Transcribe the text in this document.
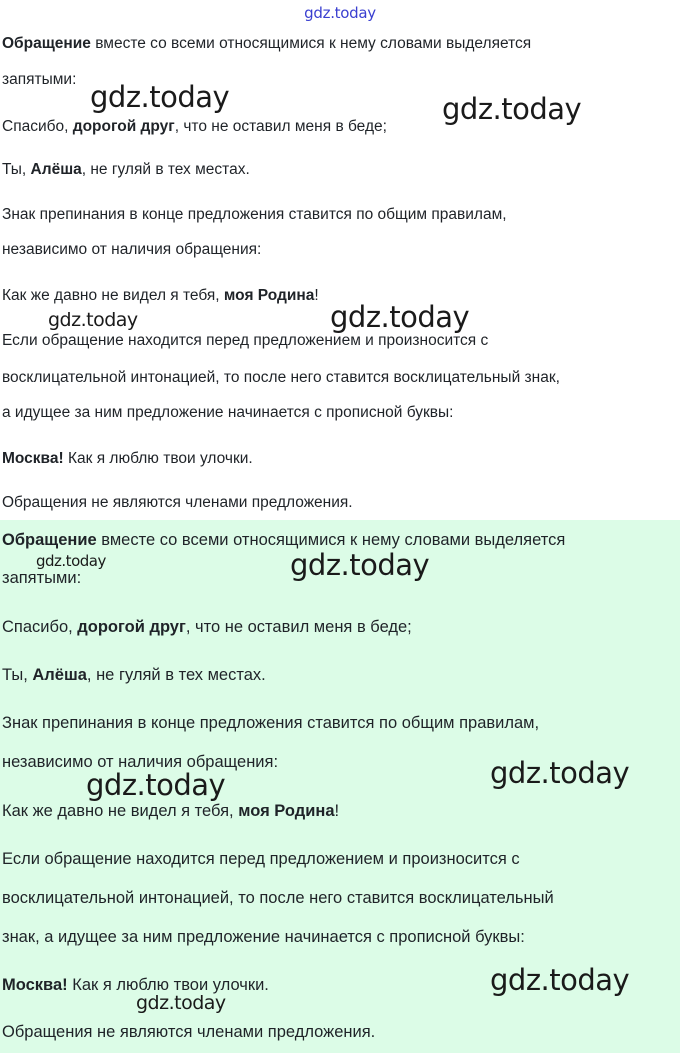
gdz.today
Обращение вместе со всеми относящимися к нему словами выделяется
запятыми:
Спасибо, дорогой друг, что не оставил меня в беде;
Ты, Алёша, не гуляй в тех местах.
Знак препинания в конце предложения ставится по общим правилам,
независимо от наличия обращения:
Как же давно не видел я тебя, моя Родина!
Если обращение находится перед предложением и произносится с
восклицательной интонацией, то после него ставится восклицательный знак,
а идущее за ним предложение начинается с прописной буквы:
Москва! Как я люблю твои улочки.
Обращения не являются членами предложения.
Обращение вместе со всеми относящимися к нему словами выделяется
запятыми:
Спасибо, дорогой друг, что не оставил меня в беде;
Ты, Алёша, не гуляй в тех местах.
Знак препинания в конце предложения ставится по общим правилам,
независимо от наличия обращения:
Как же давно не видел я тебя, моя Родина!
Если обращение находится перед предложением и произносится с
восклицательной интонацией, то после него ставится восклицательный
знак, а идущее за ним предложение начинается с прописной буквы:
Москва! Как я люблю твои улочки.
Обращения не являются членами предложения.
gdz.today	gdz.today
gdz.today	gdz.today
gdz.today	gdz.today
gdz.today	gdz.today
gdz.today
gdz.today
